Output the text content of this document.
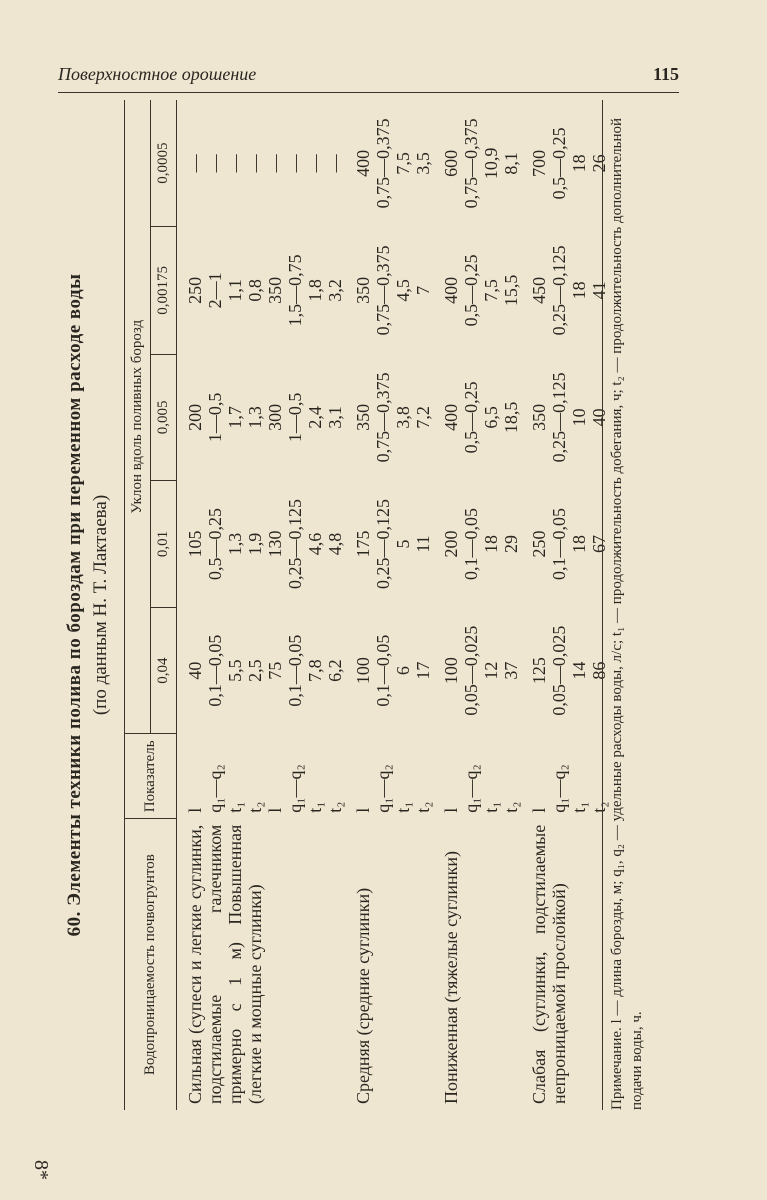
Поверхностное орошение	115
8*
60. Элементы техники полива по бороздам при переменном расходе воды (по данным Н. Т. Лактаева)
Водопроницаемость почвогрунтов	Показатель	Уклон вдоль поливных борозд				
		0,04	0,01	0,005	0,00175	0,0005
Сильная (супеси и легкие суглинки, подстилаемые галечником примерно с 1 м) Повышенная (легкие и мощные суглинки)	l	40	105	200	250	—
	q₁—q₂	0,1—0,05	0,5—0,25	1—0,5	2—1	—
	t₁	5,5	1,3	1,7	1,1	—
	t₂	2,5	1,9	1,3	0,8	—
	l	75	130	300	350	—
	q₁—q₂	0,1—0,05	0,25—0,125	1—0,5	1,5—0,75	—
	t₁	7,8	4,6	2,4	1,8	—
	t₂	6,2	4,8	3,1	3,2	—
Средняя (средние суглинки)	l	100	175	350	350	400
	q₁—q₂	0,1—0,05	0,25—0,125	0,75—0,375	0,75—0,375	0,75—0,375
	t₁	6	5	3,8	4,5	7,5
	t₂	17	11	7,2	7	3,5
Пониженная (тяжелые суглинки)	l	100	200	400	400	600
	q₁—q₂	0,05—0,025	0,1—0,05	0,5—0,25	0,5—0,25	0,75—0,375
	t₁	12	18	6,5	7,5	10,9
	t₂	37	29	18,5	15,5	8,1
Слабая (суглинки, подстилаемые непроницаемой прослойкой)	l	125	250	350	450	700
	q₁—q₂	0,05—0,025	0,1—0,05	0,25—0,125	0,25—0,125	0,5—0,25
	t₁	14	18	10	18	18
	t₂	86	67	40	41	26 Примечание. l — длина борозды, м; q₁, q₂ — удельные расходы воды, л/с; t₁ — продолжительность добегания, ч; t₂ — продолжительность дополнительной подачи воды, ч.
